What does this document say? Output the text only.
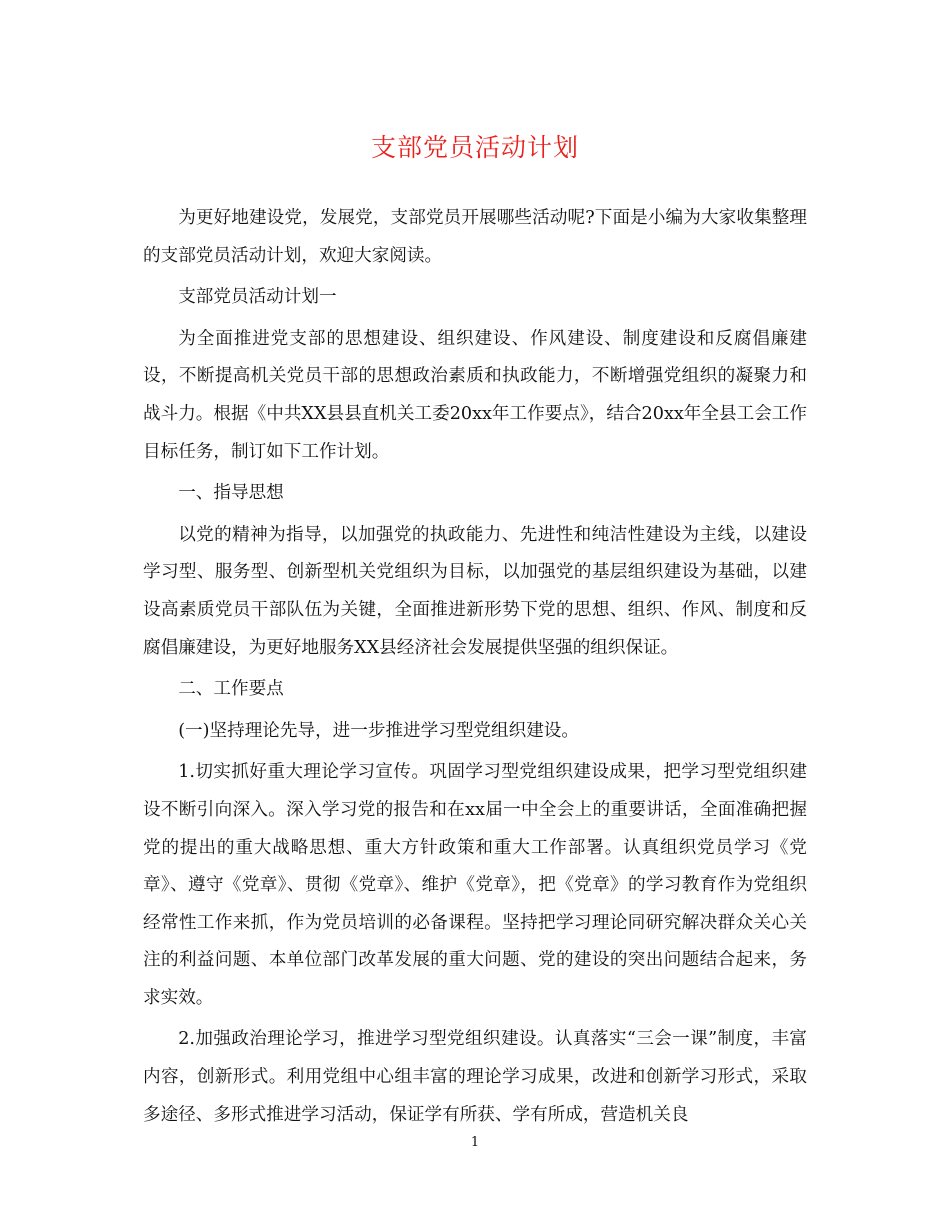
支部党员活动计划

为更好地建设党，发展党，支部党员开展哪些活动呢?下面是小编为大家收集整理的支部党员活动计划，欢迎大家阅读。

支部党员活动计划一

为全面推进党支部的思想建设、组织建设、作风建设、制度建设和反腐倡廉建设，不断提高机关党员干部的思想政治素质和执政能力，不断增强党组织的凝聚力和战斗力。根据《中共XX县县直机关工委20xx年工作要点》，结合20xx年全县工会工作目标任务，制订如下工作计划。

一、指导思想

以党的精神为指导，以加强党的执政能力、先进性和纯洁性建设为主线，以建设学习型、服务型、创新型机关党组织为目标，以加强党的基层组织建设为基础，以建设高素质党员干部队伍为关键，全面推进新形势下党的思想、组织、作风、制度和反腐倡廉建设，为更好地服务XX县经济社会发展提供坚强的组织保证。

二、工作要点

(一)坚持理论先导，进一步推进学习型党组织建设。

1.切实抓好重大理论学习宣传。巩固学习型党组织建设成果，把学习型党组织建设不断引向深入。深入学习党的报告和在xx届一中全会上的重要讲话，全面准确把握党的提出的重大战略思想、重大方针政策和重大工作部署。认真组织党员学习《党章》、遵守《党章》、贯彻《党章》、维护《党章》，把《党章》的学习教育作为党组织经常性工作来抓，作为党员培训的必备课程。坚持把学习理论同研究解决群众关心关注的利益问题、本单位部门改革发展的重大问题、党的建设的突出问题结合起来，务求实效。

2.加强政治理论学习，推进学习型党组织建设。认真落实“三会一课”制度，丰富内容，创新形式。利用党组中心组丰富的理论学习成果，改进和创新学习形式，采取多途径、多形式推进学习活动，保证学有所获、学有所成，营造机关良

1
